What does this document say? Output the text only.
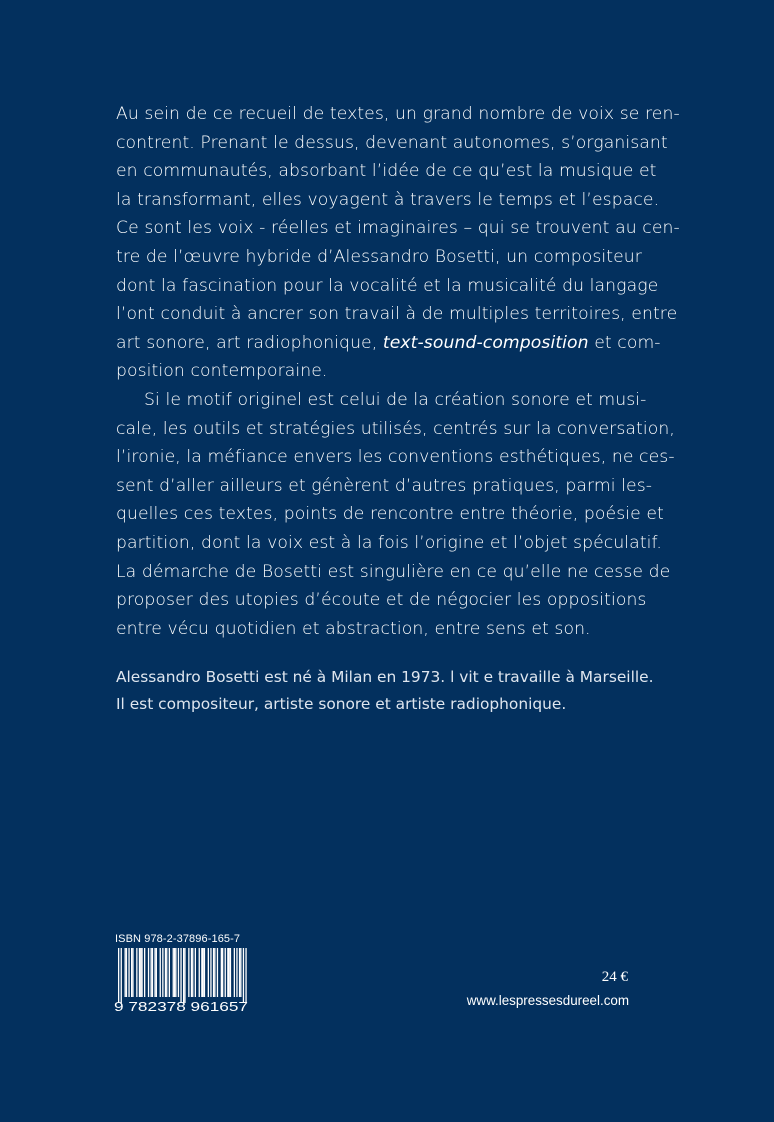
Au sein de ce recueil de textes, un grand nombre de voix se ren-
contrent. Prenant le dessus, devenant autonomes, s’organisant
en communautés, absorbant l’idée de ce qu’est la musique et
la transformant, elles voyagent à travers le temps et l’espace.
Ce sont les voix - réelles et imaginaires – qui se trouvent au cen-
tre de l’œuvre hybride d’Alessandro Bosetti, un compositeur
dont la fascination pour la vocalité et la musicalité du langage
l’ont conduit à ancrer son travail à de multiples territoires, entre
art sonore, art radiophonique, text-sound-composition et com-
position contemporaine.
Si le motif originel est celui de la création sonore et musi-
cale, les outils et stratégies utilisés, centrés sur la conversation,
l’ironie, la méfiance envers les conventions esthétiques, ne ces-
sent d’aller ailleurs et génèrent d’autres pratiques, parmi les-
quelles ces textes, points de rencontre entre théorie, poésie et
partition, dont la voix est à la fois l’origine et l’objet spéculatif.
La démarche de Bosetti est singulière en ce qu’elle ne cesse de
proposer des utopies d’écoute et de négocier les oppositions
entre vécu quotidien et abstraction, entre sens et son.
Alessandro Bosetti est né à Milan en 1973. l vit e travaille à Marseille.
Il est compositeur, artiste sonore et artiste radiophonique.
ISBN 978-2-37896-165-7
9 782378 961657
24 €
www.lespressesdureel.com
